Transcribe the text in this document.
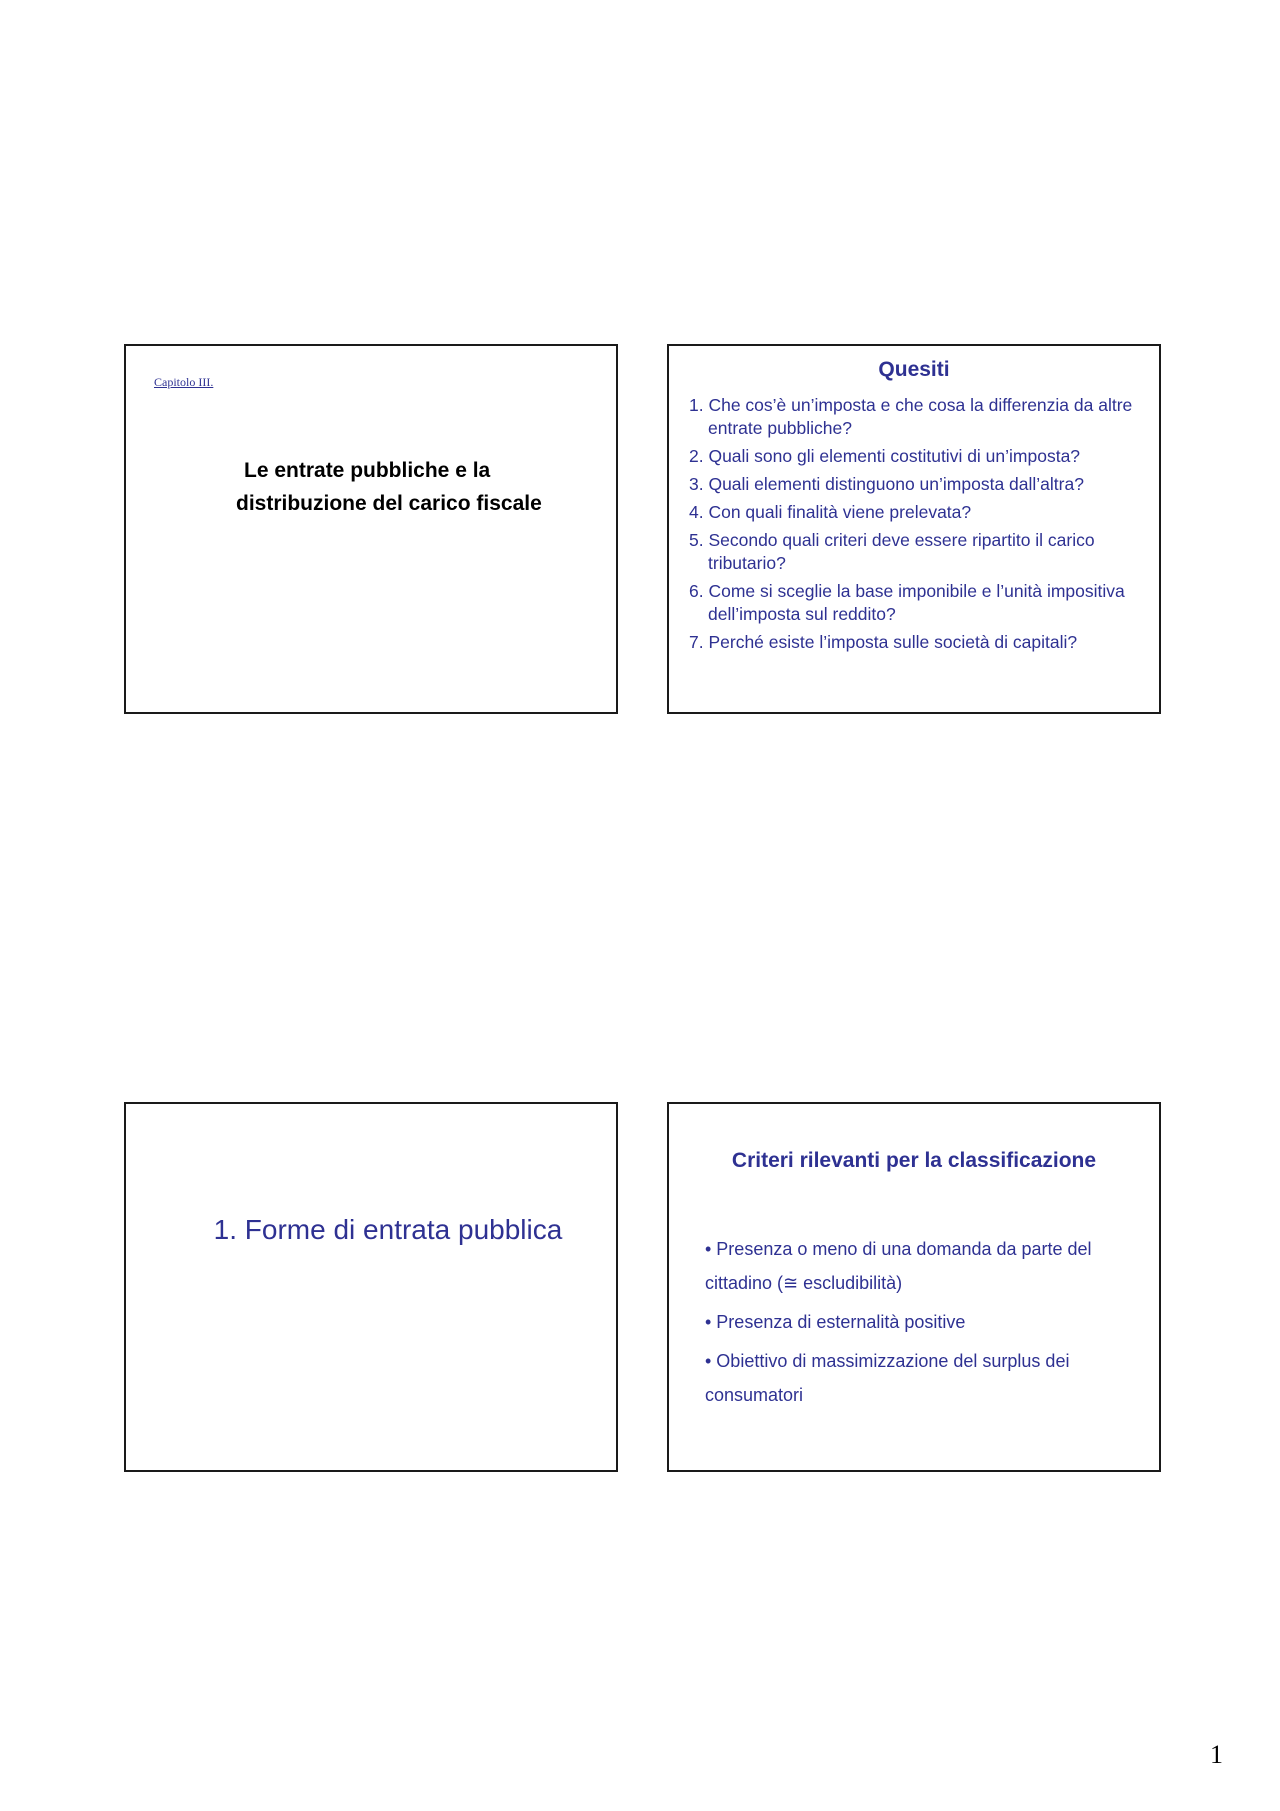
Capitolo III.
Le entrate pubbliche e la
distribuzione del carico fiscale
Quesiti
1. Che cos’è un’imposta e che cosa la differenzia da altre entrate pubbliche?
2. Quali sono gli elementi costitutivi di un’imposta?
3. Quali elementi distinguono un’imposta dall’altra?
4. Con quali finalità viene prelevata?
5. Secondo quali criteri deve essere ripartito il carico tributario?
6. Come si sceglie la base imponibile e l’unità impositiva dell’imposta sul reddito?
7. Perché esiste l’imposta sulle società di capitali?
1. Forme di entrata pubblica
Criteri rilevanti per la classificazione
• Presenza o meno di una domanda da parte del cittadino (≅ escludibilità)
• Presenza di esternalità positive
• Obiettivo di massimizzazione del surplus dei consumatori
1
